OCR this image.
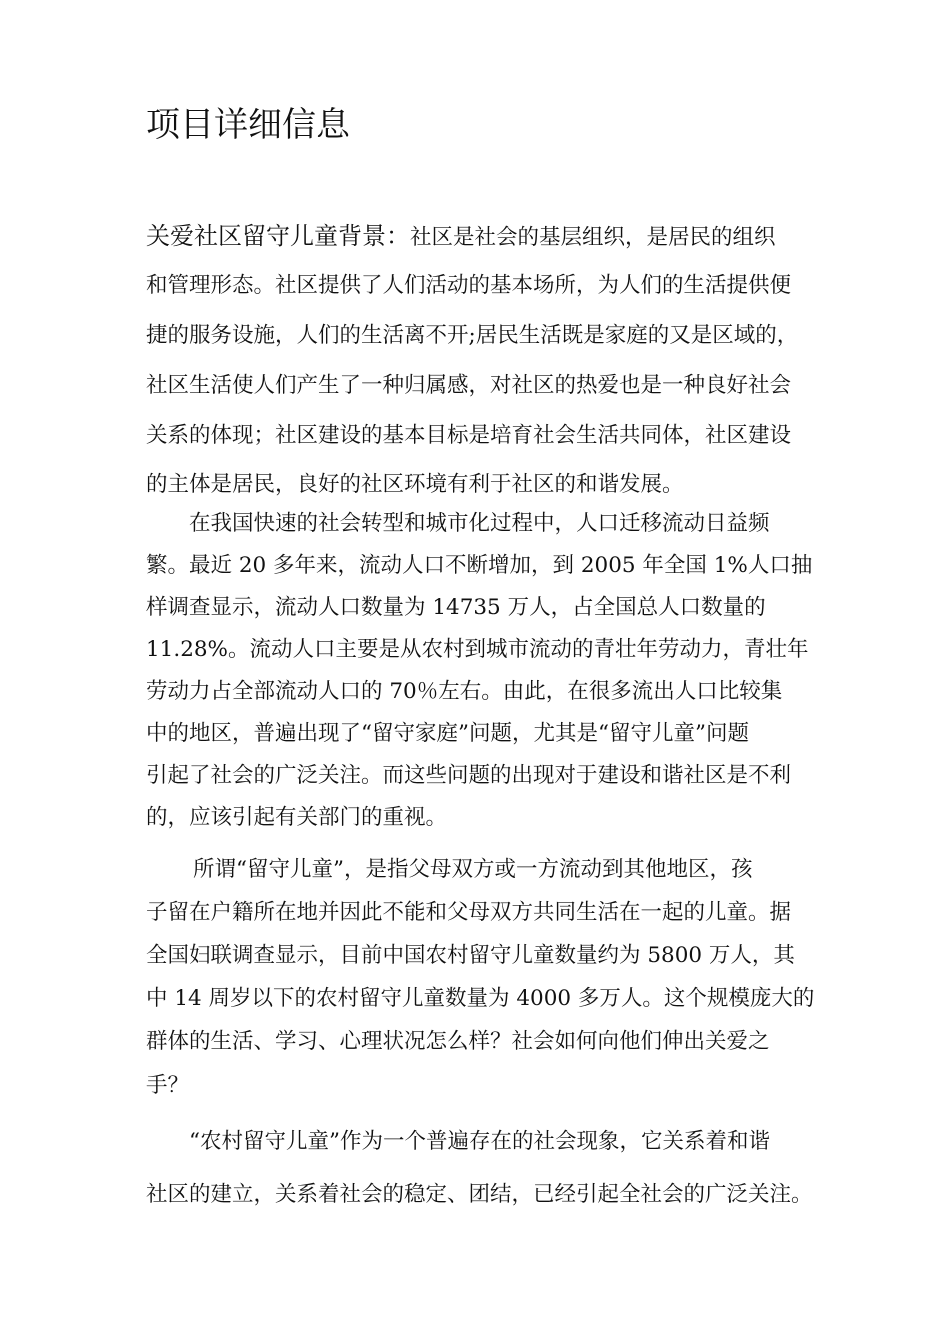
项目详细信息

关爱社区留守儿童背景：社区是社会的基层组织，是居民的组织

和管理形态。社区提供了人们活动的基本场所，为人们的生活提供便

捷的服务设施，人们的生活离不开;居民生活既是家庭的又是区域的，

社区生活使人们产生了一种归属感，对社区的热爱也是一种良好社会

关系的体现；社区建设的基本目标是培育社会生活共同体，社区建设

的主体是居民，良好的社区环境有利于社区的和谐发展。

在我国快速的社会转型和城市化过程中，人口迁移流动日益频

繁。最近 20 多年来，流动人口不断增加，到 2005 年全国 1%人口抽

样调查显示，流动人口数量为 14735 万人，占全国总人口数量的

11.28%。流动人口主要是从农村到城市流动的青壮年劳动力，青壮年

劳动力占全部流动人口的 70％左右。由此，在很多流出人口比较集

中的地区，普遍出现了“留守家庭”问题，尤其是“留守儿童”问题

引起了社会的广泛关注。而这些问题的出现对于建设和谐社区是不利

的，应该引起有关部门的重视。

所谓“留守儿童”，是指父母双方或一方流动到其他地区，孩

子留在户籍所在地并因此不能和父母双方共同生活在一起的儿童。据

全国妇联调查显示，目前中国农村留守儿童数量约为 5800 万人，其

中 14 周岁以下的农村留守儿童数量为 4000 多万人。这个规模庞大的

群体的生活、学习、心理状况怎么样？社会如何向他们伸出关爱之

手？

“农村留守儿童”作为一个普遍存在的社会现象，它关系着和谐

社区的建立，关系着社会的稳定、团结，已经引起全社会的广泛关注。
